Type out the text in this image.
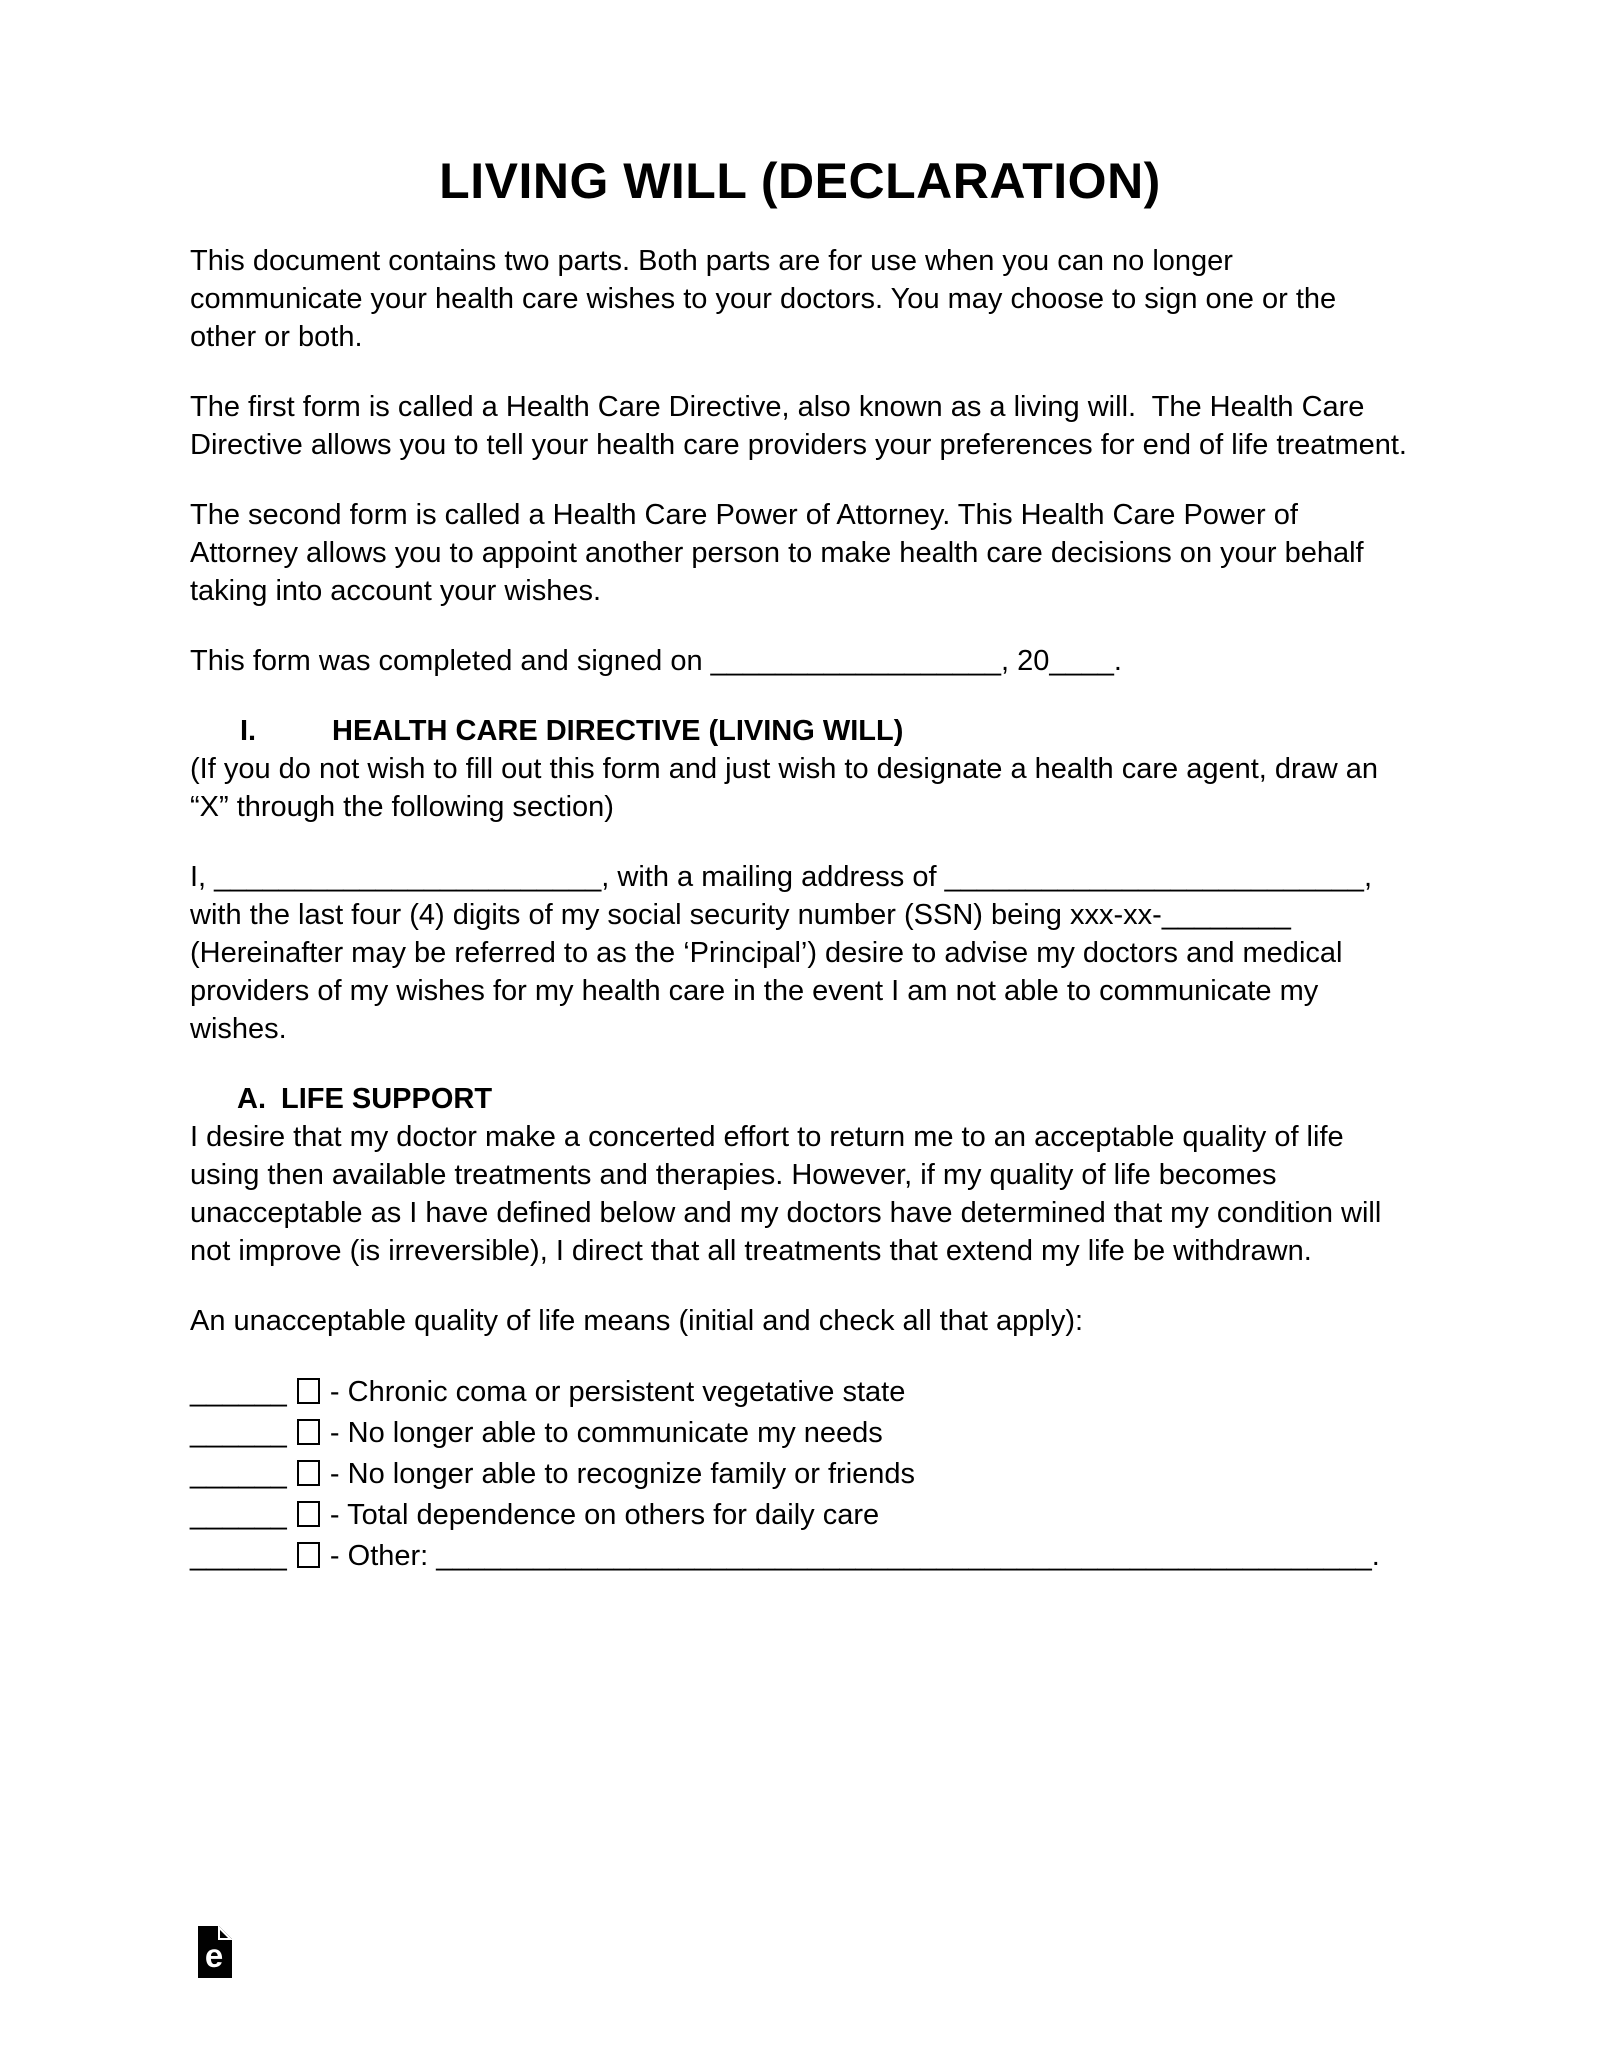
LIVING WILL (DECLARATION)

This document contains two parts. Both parts are for use when you can no longer communicate your health care wishes to your doctors. You may choose to sign one or the other or both.

The first form is called a Health Care Directive, also known as a living will.  The Health Care Directive allows you to tell your health care providers your preferences for end of life treatment.

The second form is called a Health Care Power of Attorney. This Health Care Power of Attorney allows you to appoint another person to make health care decisions on your behalf taking into account your wishes.

This form was completed and signed on __________________, 20____.

I.	HEALTH CARE DIRECTIVE (LIVING WILL)

(If you do not wish to fill out this form and just wish to designate a health care agent, draw an “X” through the following section)

I, ________________________, with a mailing address of __________________________, with the last four (4) digits of my social security number (SSN) being xxx-xx-________ (Hereinafter may be referred to as the ‘Principal’) desire to advise my doctors and medical providers of my wishes for my health care in the event I am not able to communicate my wishes.

A. LIFE SUPPORT

I desire that my doctor make a concerted effort to return me to an acceptable quality of life using then available treatments and therapies. However, if my quality of life becomes unacceptable as I have defined below and my doctors have determined that my condition will not improve (is irreversible), I direct that all treatments that extend my life be withdrawn.

An unacceptable quality of life means (initial and check all that apply):

______ - Chronic coma or persistent vegetative state
______ - No longer able to communicate my needs
______ - No longer able to recognize family or friends
______ - Total dependence on others for daily care
______ - Other: __________________________________________________________.
e
